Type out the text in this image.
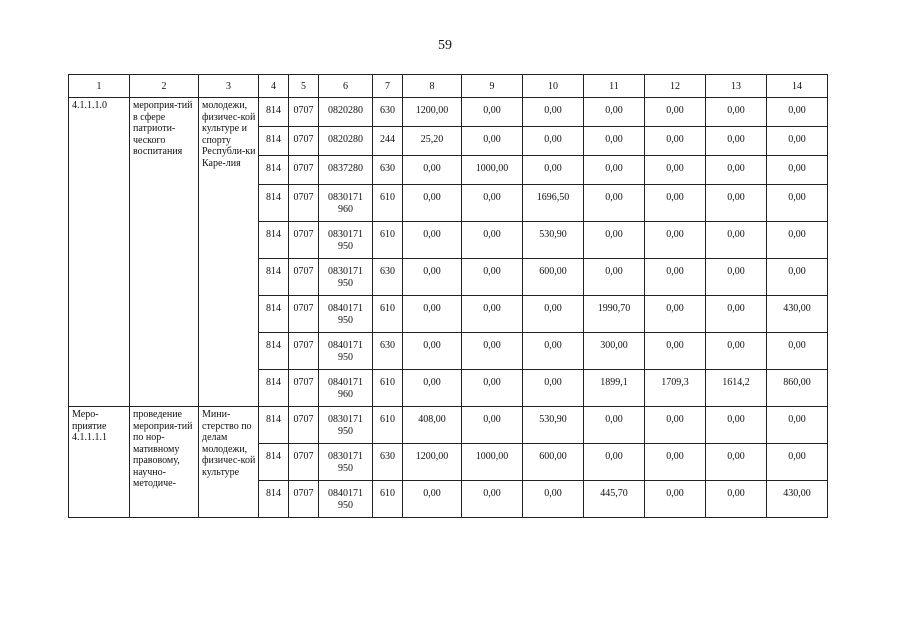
59
1	2	3	4	5	6	7	8	9	10	11	12	13	14
4.1.1.1.0	мероприя-тий в сфере патриоти-ческого воспитания	молодежи, физичес-кой культуре и спорту Республи-ки Каре-лия	814	0707	0820280	630	1200,00	0,00	0,00	0,00	0,00	0,00	0,00

			814	0707	0820280	244	25,20	0,00	0,00	0,00	0,00	0,00	0,00

			814	0707	0837280	630	0,00	1000,00	0,00	0,00	0,00	0,00	0,00

			814	0707	0830171 960	610	0,00	0,00	1696,50	0,00	0,00	0,00	0,00

			814	0707	0830171 950	610	0,00	0,00	530,90	0,00	0,00	0,00	0,00

			814	0707	0830171 950	630	0,00	0,00	600,00	0,00	0,00	0,00	0,00

			814	0707	0840171 950	610	0,00	0,00	0,00	1990,70	0,00	0,00	430,00

			814	0707	0840171 950	630	0,00	0,00	0,00	300,00	0,00	0,00	0,00

			814	0707	0840171 960	610	0,00	0,00	0,00	1899,1	1709,3	1614,2	860,00

Меро-приятие 4.1.1.1.1	проведение мероприя-тий по нор-мативному правовому, научно-методиче-	Мини-стерство по делам молодежи, физичес-кой культуре	814	0707	0830171 950	610	408,00	0,00	530,90	0,00	0,00	0,00	0,00

			814	0707	0830171 950	630	1200,00	1000,00	600,00	0,00	0,00	0,00	0,00

			814	0707	0840171 950	610	0,00	0,00	0,00	445,70	0,00	0,00	430,00
